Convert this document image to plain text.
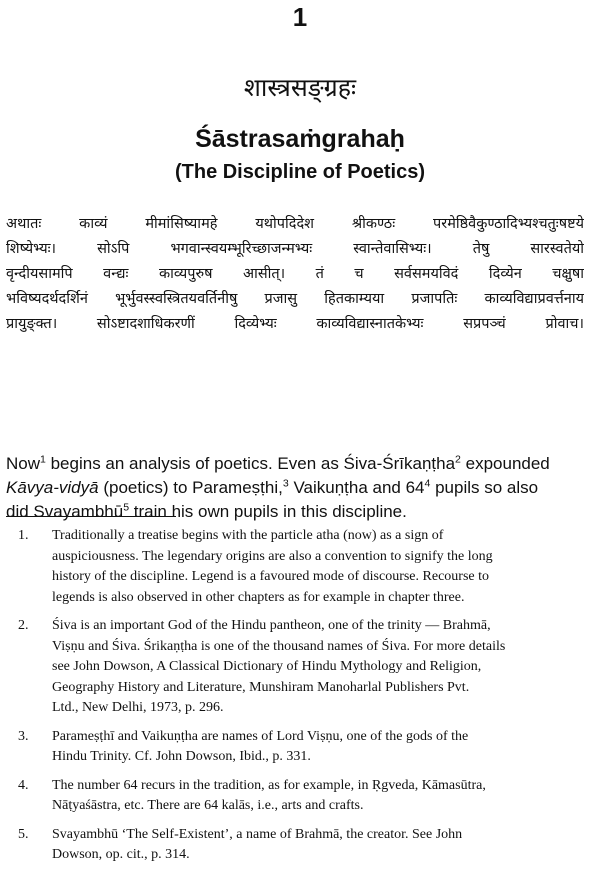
1
शास्त्रसङ्ग्रहः
Śāstrasaṁgrahaḥ
(The Discipline of Poetics)
अथातः काव्यं मीमांसिष्यामहे यथोपदिदेश श्रीकण्ठः परमेष्ठिवैकुण्ठादिभ्यश्चतुःषष्टये
शिष्येभ्यः। सोऽपि भगवान्स्वयम्भूरिच्छाजन्मभ्यः स्वान्तेवासिभ्यः। तेषु सारस्वतेयो
वृन्दीयसामपि वन्द्यः काव्यपुरुष आसीत्। तं च सर्वसमयविदं दिव्येन चक्षुषा
भविष्यदर्थदर्शिनं भूर्भुवस्स्वस्त्रितयवर्तिनीषु प्रजासु हितकाम्यया प्रजापतिः काव्यविद्याप्रवर्त्तनाय
प्रायुङ्क्त। सोऽष्टादशाधिकरणीं दिव्येभ्यः काव्यविद्यास्नातकेभ्यः सप्रपञ्चं प्रोवाच।
Now$^1$ begins an analysis of poetics. Even as Śiva-Śrīkaṇṭha$^2$ expounded
Kāvya-vidyā (poetics) to Parameṣṭhi,$^3$ Vaikuṇṭha and $64^4$ pupils so also
did Svayambhū$^5$ train his own pupils in this discipline.
1. Traditionally a treatise begins with the particle atha (now) as a sign of
auspiciousness. The legendary origins are also a convention to signify the long
history of the discipline. Legend is a favoured mode of discourse. Recourse to
legends is also observed in other chapters as for example in chapter three.
2. Śiva is an important God of the Hindu pantheon, one of the trinity — Brahmā,
Viṣṇu and Śiva. Śrikaṇṭha is one of the thousand names of Śiva. For more details
see John Dowson, A Classical Dictionary of Hindu Mythology and Religion,
Geography History and Literature, Munshiram Manoharlal Publishers Pvt.
Ltd., New Delhi, 1973, p. 296.
3. Parameṣṭhī and Vaikuṇṭha are names of Lord Viṣṇu, one of the gods of the
Hindu Trinity. Cf. John Dowson, Ibid., p. 331.
4. The number 64 recurs in the tradition, as for example, in Ṛgveda, Kāmasūtra,
Nāṭyaśāstra, etc. There are 64 kalās, i.e., arts and crafts.
5. Svayambhū ‘The Self-Existent’, a name of Brahmā, the creator. See John
Dowson, op. cit., p. 314.
